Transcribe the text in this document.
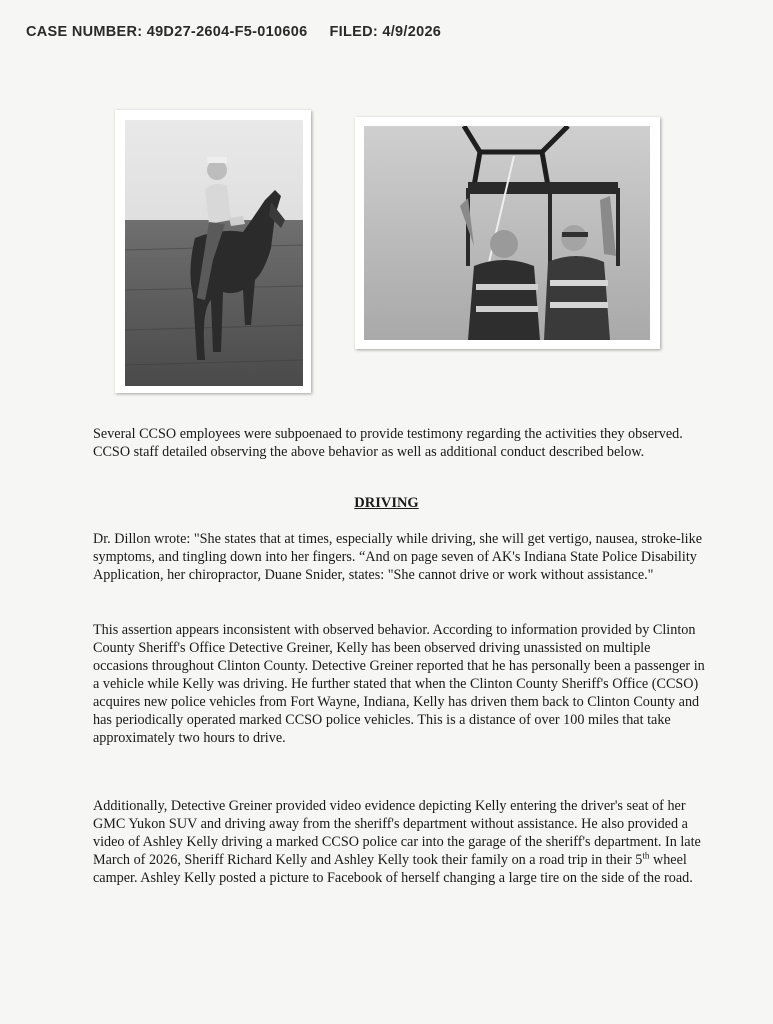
CASE NUMBER: 49D27-2604-F5-010606 FILED: 4/9/2026

Several CCSO employees were subpoenaed to provide testimony regarding the activities they observed. CCSO staff detailed observing the above behavior as well as additional conduct described below.

DRIVING

Dr. Dillon wrote: "She states that at times, especially while driving, she will get vertigo, nausea, stroke-like symptoms, and tingling down into her fingers. “And on page seven of AK's Indiana State Police Disability Application, her chiropractor, Duane Snider, states: "She cannot drive or work without assistance."

This assertion appears inconsistent with observed behavior. According to information provided by Clinton County Sheriff's Office Detective Greiner, Kelly has been observed driving unassisted on multiple occasions throughout Clinton County. Detective Greiner reported that he has personally been a passenger in a vehicle while Kelly was driving. He further stated that when the Clinton County Sheriff's Office (CCSO) acquires new police vehicles from Fort Wayne, Indiana, Kelly has driven them back to Clinton County and has periodically operated marked CCSO police vehicles. This is a distance of over 100 miles that take approximately two hours to drive.

Additionally, Detective Greiner provided video evidence depicting Kelly entering the driver's seat of her GMC Yukon SUV and driving away from the sheriff's department without assistance. He also provided a video of Ashley Kelly driving a marked CCSO police car into the garage of the sheriff's department. In late March of 2026, Sheriff Richard Kelly and Ashley Kelly took their family on a road trip in their 5th wheel camper. Ashley Kelly posted a picture to Facebook of herself changing a large tire on the side of the road.
